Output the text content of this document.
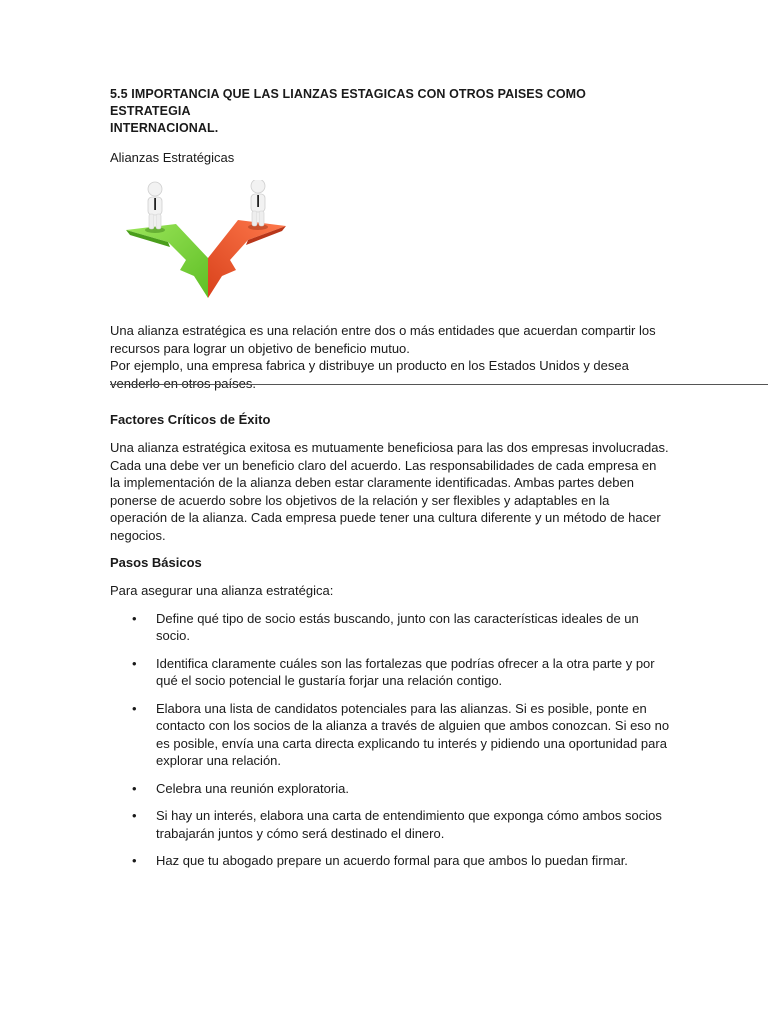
5.5 IMPORTANCIA QUE LAS LIANZAS ESTAGICAS CON OTROS PAISES COMO ESTRATEGIA
INTERNACIONAL.
Alianzas Estratégicas

Una alianza estratégica es una relación entre dos o más entidades que acuerdan compartir los recursos para lograr un objetivo de beneficio mutuo.

Por ejemplo, una empresa fabrica y distribuye un producto en los Estados Unidos y desea venderlo en otros países.

Factores Críticos de Éxito

Una alianza estratégica exitosa es mutuamente beneficiosa para las dos empresas involucradas. Cada una debe ver un beneficio claro del acuerdo. Las responsabilidades de cada empresa en la implementación de la alianza deben estar claramente identificadas. Ambas partes deben ponerse de acuerdo sobre los objetivos de la relación y ser flexibles y adaptables en la operación de la alianza. Cada empresa puede tener una cultura diferente y un método de hacer negocios.

Pasos Básicos

Para asegurar una alianza estratégica:

• Define qué tipo de socio estás buscando, junto con las características ideales de un socio.
• Identifica claramente cuáles son las fortalezas que podrías ofrecer a la otra parte y por qué el socio potencial le gustaría forjar una relación contigo.
• Elabora una lista de candidatos potenciales para las alianzas. Si es posible, ponte en contacto con los socios de la alianza a través de alguien que ambos conozcan. Si eso no es posible, envía una carta directa explicando tu interés y pidiendo una oportunidad para explorar una relación.
• Celebra una reunión exploratoria.
• Si hay un interés, elabora una carta de entendimiento que exponga cómo ambos socios trabajarán juntos y cómo será destinado el dinero.
• Haz que tu abogado prepare un acuerdo formal para que ambos lo puedan firmar.
